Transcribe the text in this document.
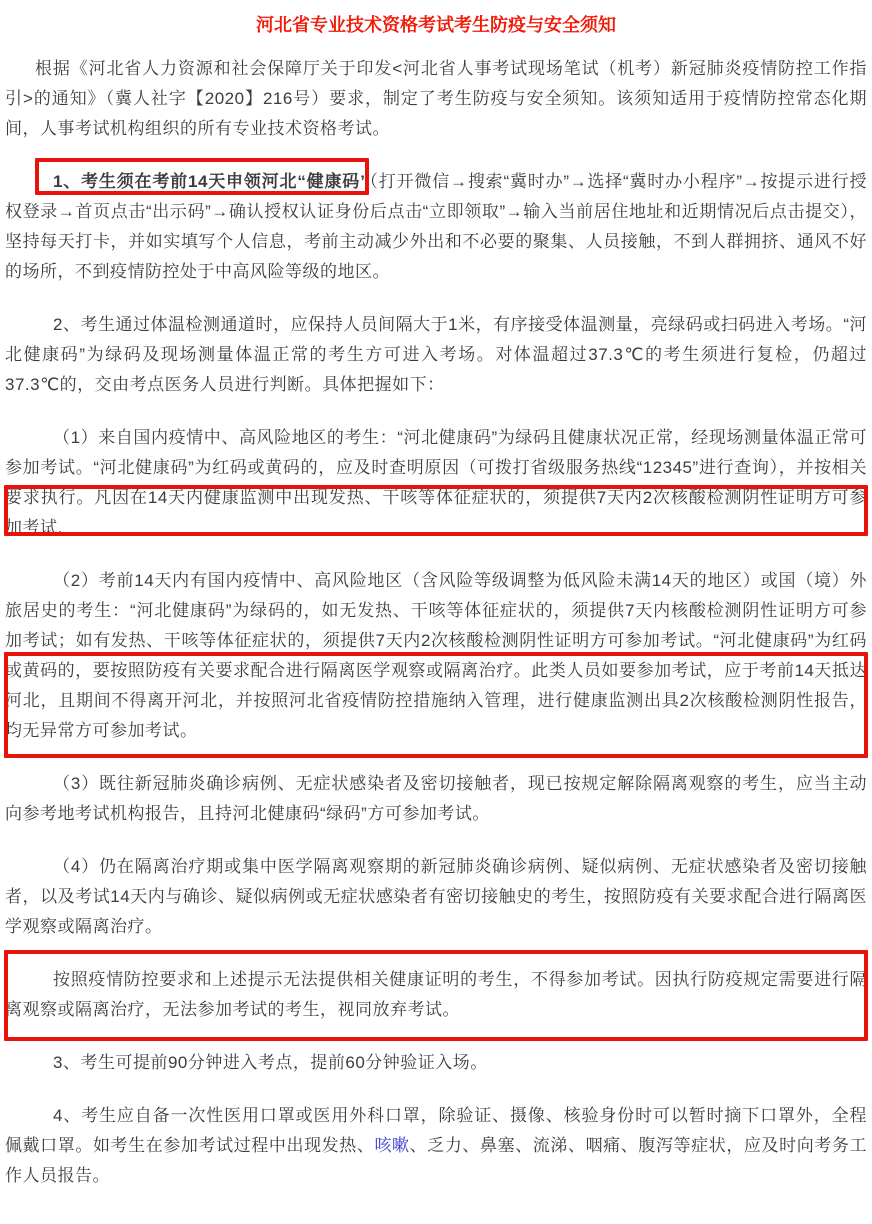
河北省专业技术资格考试考生防疫与安全须知

根据《河北省人力资源和社会保障厅关于印发<河北省人事考试现场笔试（机考）新冠肺炎疫情防控工作指引>的通知》（冀人社字【2020】216号）要求，制定了考生防疫与安全须知。该须知适用于疫情防控常态化期间，人事考试机构组织的所有专业技术资格考试。

1、考生须在考前14天申领河北“健康码”（打开微信→搜索“冀时办”→选择“冀时办小程序”→按提示进行授权登录→首页点击“出示码”→确认授权认证身份后点击“立即领取”→输入当前居住地址和近期情况后点击提交），坚持每天打卡，并如实填写个人信息，考前主动减少外出和不必要的聚集、人员接触，不到人群拥挤、通风不好的场所，不到疫情防控处于中高风险等级的地区。

2、考生通过体温检测通道时，应保持人员间隔大于1米，有序接受体温测量，亮绿码或扫码进入考场。“河北健康码”为绿码及现场测量体温正常的考生方可进入考场。对体温超过37.3℃的考生须进行复检，仍超过37.3℃的，交由考点医务人员进行判断。具体把握如下：

（1）来自国内疫情中、高风险地区的考生：“河北健康码”为绿码且健康状况正常，经现场测量体温正常可参加考试。“河北健康码”为红码或黄码的，应及时查明原因（可拨打省级服务热线“12345”进行查询），并按相关要求执行。凡因在14天内健康监测中出现发热、干咳等体征症状的，须提供7天内2次核酸检测阴性证明方可参加考试.

（2）考前14天内有国内疫情中、高风险地区（含风险等级调整为低风险未满14天的地区）或国（境）外旅居史的考生：“河北健康码”为绿码的，如无发热、干咳等体征症状的，须提供7天内核酸检测阴性证明方可参加考试；如有发热、干咳等体征症状的，须提供7天内2次核酸检测阴性证明方可参加考试。“河北健康码”为红码或黄码的，要按照防疫有关要求配合进行隔离医学观察或隔离治疗。此类人员如要参加考试，应于考前14天抵达河北，且期间不得离开河北，并按照河北省疫情防控措施纳入管理，进行健康监测出具2次核酸检测阴性报告，均无异常方可参加考试。

（3）既往新冠肺炎确诊病例、无症状感染者及密切接触者，现已按规定解除隔离观察的考生，应当主动向参考地考试机构报告，且持河北健康码“绿码”方可参加考试。

（4）仍在隔离治疗期或集中医学隔离观察期的新冠肺炎确诊病例、疑似病例、无症状感染者及密切接触者，以及考试14天内与确诊、疑似病例或无症状感染者有密切接触史的考生，按照防疫有关要求配合进行隔离医学观察或隔离治疗。

按照疫情防控要求和上述提示无法提供相关健康证明的考生，不得参加考试。因执行防疫规定需要进行隔离观察或隔离治疗，无法参加考试的考生，视同放弃考试。

3、考生可提前90分钟进入考点，提前60分钟验证入场。

4、考生应自备一次性医用口罩或医用外科口罩，除验证、摄像、核验身份时可以暂时摘下口罩外，全程佩戴口罩。如考生在参加考试过程中出现发热、咳嗽、乏力、鼻塞、流涕、咽痛、腹泻等症状，应及时向考务工作人员报告。
